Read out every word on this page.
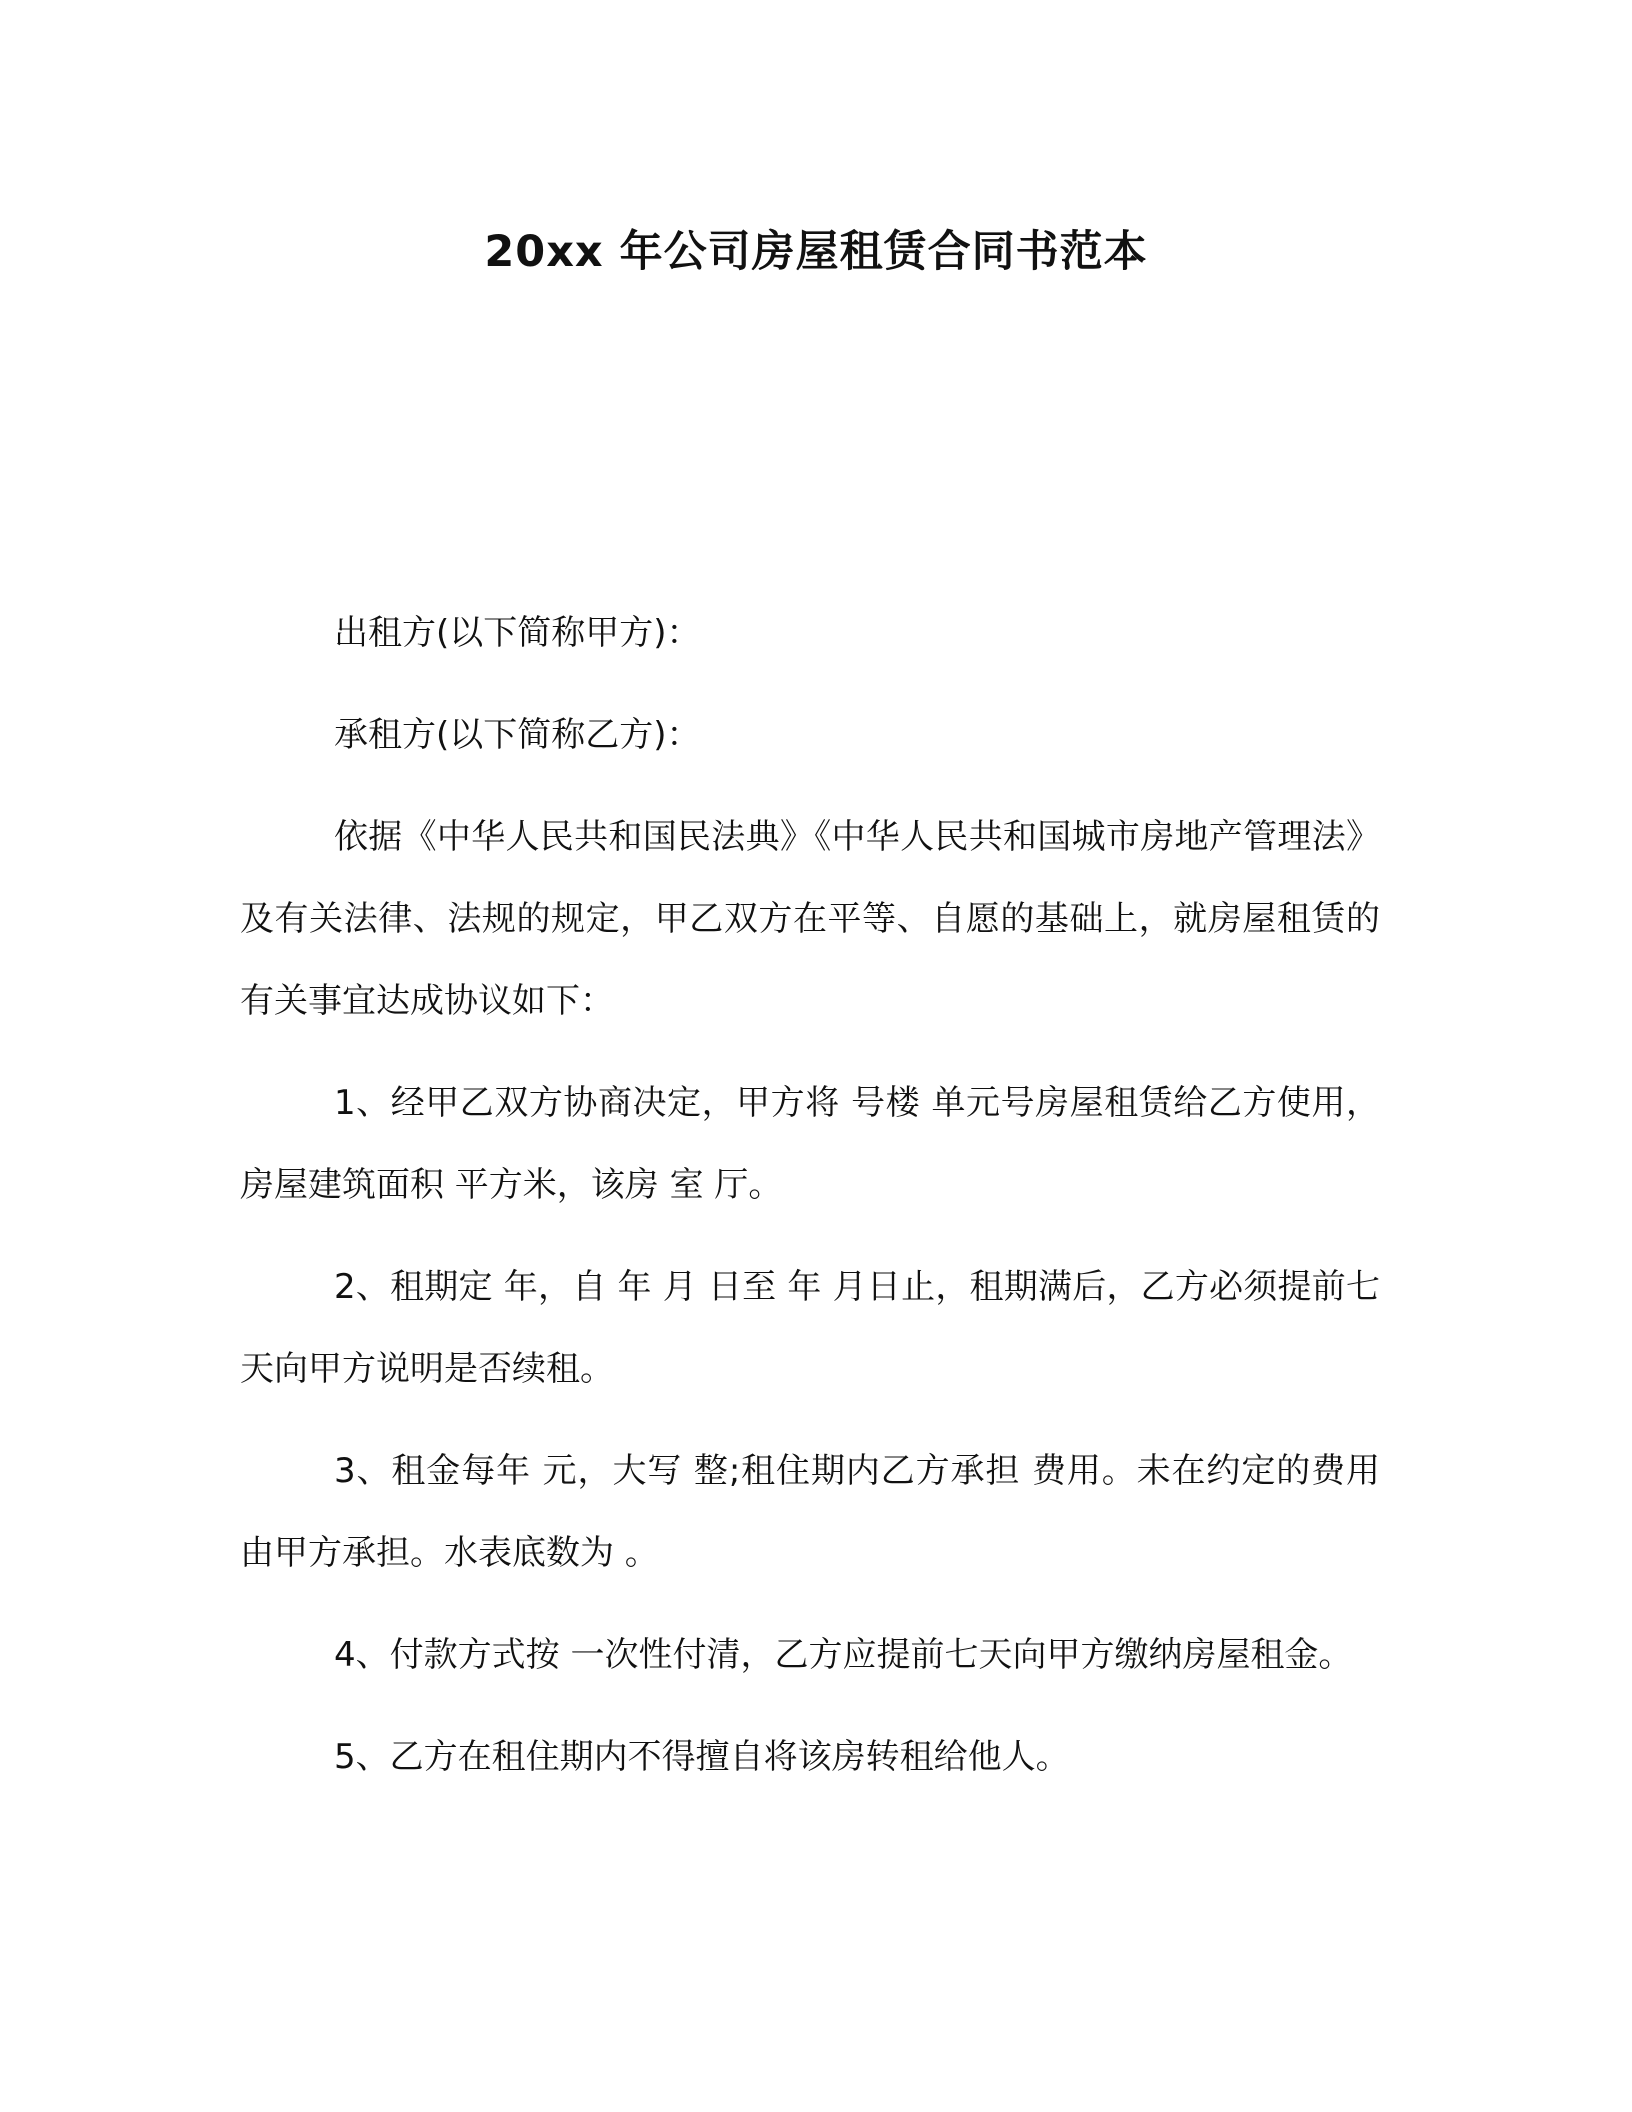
20xx 年公司房屋租赁合同书范本

出租方(以下简称甲方)：

承租方(以下简称乙方)：

依据《中华人民共和国民法典》《中华人民共和国城市房地产管理法》及有关法律、法规的规定，甲乙双方在平等、自愿的基础上，就房屋租赁的有关事宜达成协议如下：

1、经甲乙双方协商决定，甲方将 号楼 单元号房屋租赁给乙方使用，房屋建筑面积 平方米，该房 室 厅。

2、租期定 年，自 年 月 日至 年 月日止，租期满后，乙方必须提前七天向甲方说明是否续租。

3、租金每年 元，大写 整;租住期内乙方承担 费用。未在约定的费用由甲方承担。水表底数为 。

4、付款方式按 一次性付清，乙方应提前七天向甲方缴纳房屋租金。

5、乙方在租住期内不得擅自将该房转租给他人。
